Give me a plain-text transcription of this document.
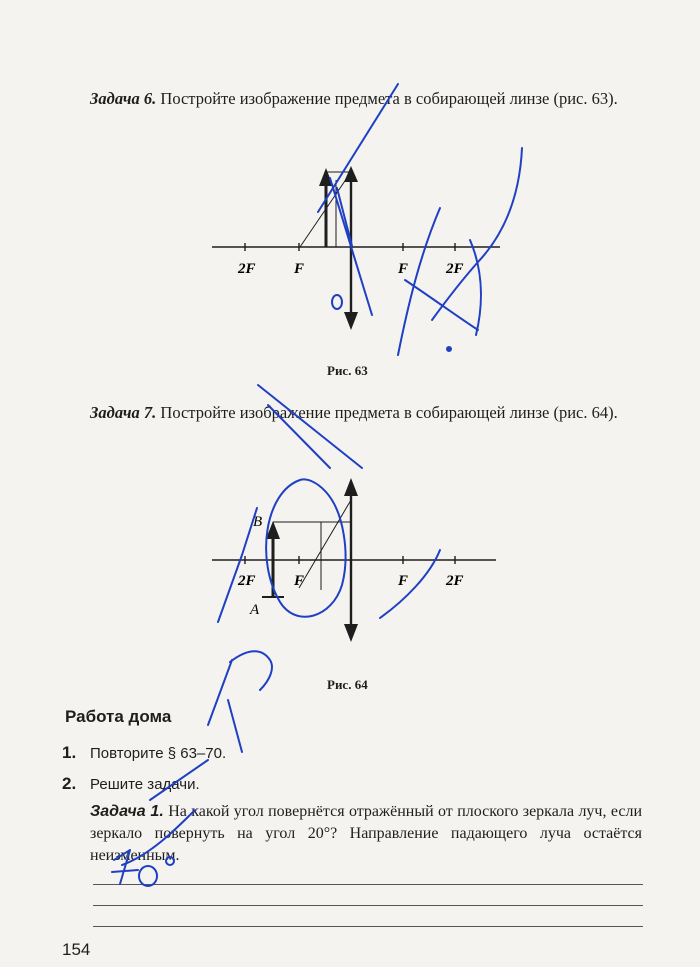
Задача 6. Постройте изображение предмета в собирающей линзе (рис. 63).

2F	F	F	2F
Рис. 63

Задача 7. Постройте изображение предмета в собирающей линзе (рис. 64).

B
A
2F	F	F	2F
Рис. 64
Работа дома

1. Повторите § 63–70.

2. Решите задачи.

Задача 1. На какой угол повернётся отражённый от плоского зеркала луч, если зеркало повернуть на угол 20°? Направление падающего луча остаётся неизменным.

154
